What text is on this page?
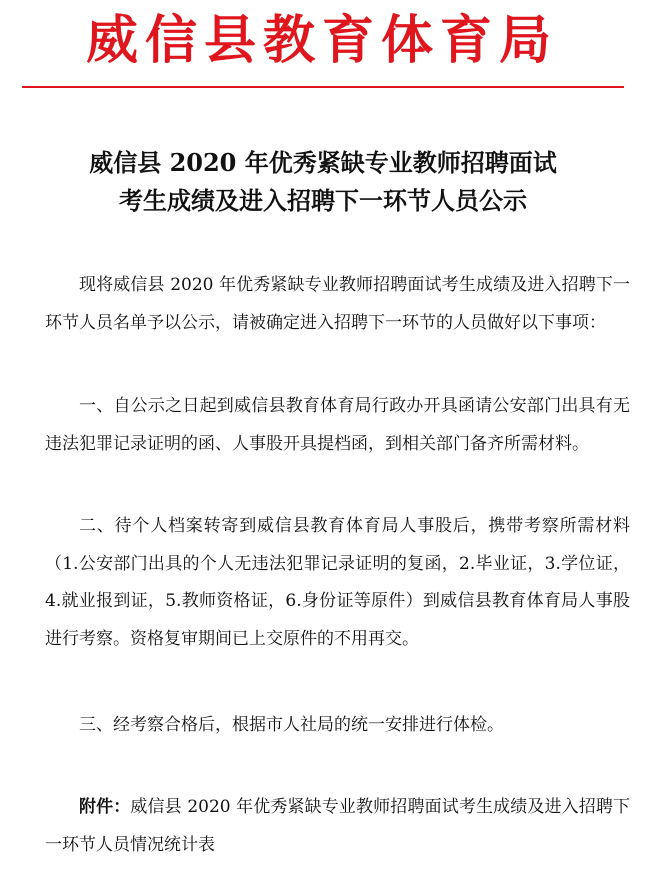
威信县教育体育局
威信县 2020 年优秀紧缺专业教师招聘面试
考生成绩及进入招聘下一环节人员公示

现将威信县 2020 年优秀紧缺专业教师招聘面试考生成绩及进入招聘下一环节人员名单予以公示，请被确定进入招聘下一环节的人员做好以下事项：

一、自公示之日起到威信县教育体育局行政办开具函请公安部门出具有无违法犯罪记录证明的函、人事股开具提档函，到相关部门备齐所需材料。

二、待个人档案转寄到威信县教育体育局人事股后，携带考察所需材料（1.公安部门出具的个人无违法犯罪记录证明的复函，2.毕业证，3.学位证，4.就业报到证，5.教师资格证，6.身份证等原件）到威信县教育体育局人事股进行考察。资格复审期间已上交原件的不用再交。

三、经考察合格后，根据市人社局的统一安排进行体检。

附件：威信县 2020 年优秀紧缺专业教师招聘面试考生成绩及进入招聘下一环节人员情况统计表
